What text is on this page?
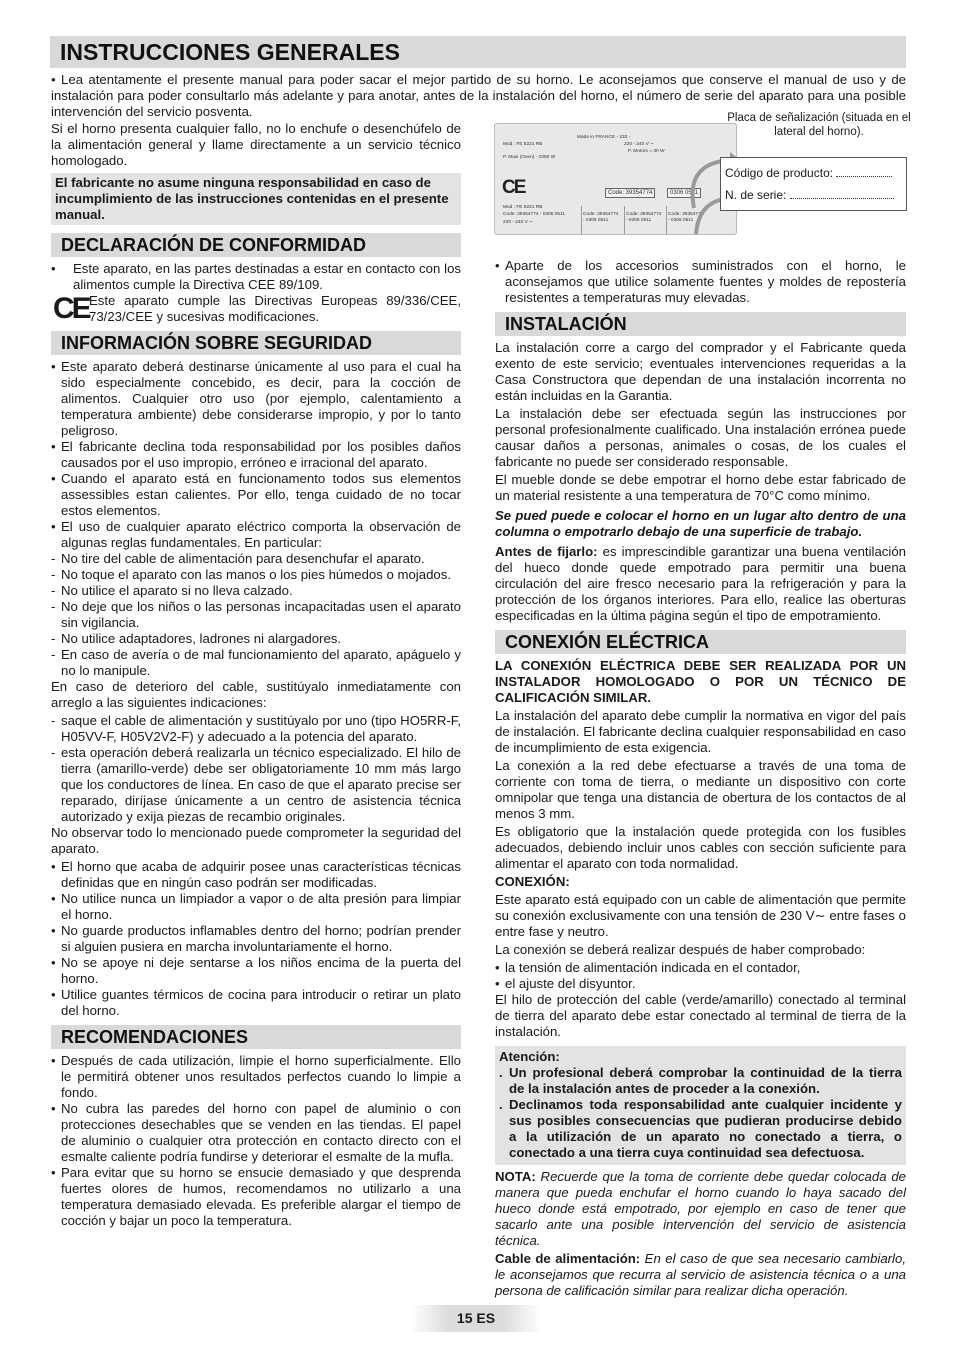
INSTRUCCIONES GENERALES
• Lea atentamente el presente manual para poder sacar el mejor partido de su horno. Le aconsejamos que conserve el manual de uso y de instalación para poder consultarlo más adelante y para anotar, antes de la instalación del horno, el número de serie del aparato para una posible intervención del servicio posventa.

Si el horno presenta cualquier fallo, no lo enchufe o desenchúfelo de la alimentación general y llame directamente a un servicio técnico homologado.

El fabricante no asume ninguna responsabilidad en caso de incumplimiento de las instrucciones contenidas en el presente manual.
Made in FRANCE - 232 -
Mod : FE 6221 RB	220 - 240 V ∼
P. Motors = 30 W
P. Maxi (Oven) - 2350 W
CE	Code: 39354774	0306 0511
Mod : FE 6221 RB
Code: 39354774 - 0306 0511
220 - 240 V ∼
Code: 39354774
- 0306 0511
Code: 39354774
- 0306 0511
Code: 39354774
- 0306 0511
Placa de señalización (situada en el lateral del horno).
Código de producto:
N. de serie:
DECLARACIÓN DE CONFORMIDAD
• Este aparato, en las partes destinadas a estar en contacto con los alimentos cumple la Directiva CEE 89/109.
CE Este aparato cumple las Directivas Europeas 89/336/CEE, 73/23/CEE y sucesivas modificaciones.
INFORMACIÓN SOBRE SEGURIDAD
• Este aparato deberá destinarse únicamente al uso para el cual ha sido especialmente concebido, es decir, para la cocción de alimentos. Cualquier otro uso (por ejemplo, calentamiento a temperatura ambiente) debe considerarse impropio, y por lo tanto peligroso.
• El fabricante declina toda responsabilidad por los posibles daños causados por el uso impropio, erróneo e irracional del aparato.
• Cuando el aparato está en funcionamento todos sus elementos assessibles estan calientes. Por ello, tenga cuidado de no tocar estos elementos.
• El uso de cualquier aparato eléctrico comporta la observación de algunas reglas fundamentales. En particular:
- No tire del cable de alimentación para desenchufar el aparato.
- No toque el aparato con las manos o los pies húmedos o mojados.
- No utilice el aparato si no lleva calzado.
- No deje que los niños o las personas incapacitadas usen el aparato sin vigilancia.
- No utilice adaptadores, ladrones ni alargadores.
- En caso de avería o de mal funcionamiento del aparato, apáguelo y no lo manipule.

En caso de deterioro del cable, sustitúyalo inmediatamente con arreglo a las siguientes indicaciones:

- saque el cable de alimentación y sustitúyalo por uno (tipo HO5RR-F, H05VV-F, H05V2V2-F) y adecuado a la potencia del aparato.
- esta operación deberá realizarla un técnico especializado. El hilo de tierra (amarillo-verde) debe ser obligatoriamente 10 mm más largo que los conductores de línea. En caso de que el aparato precise ser reparado, diríjase únicamente a un centro de asistencia técnica autorizado y exija piezas de recambio originales.

No observar todo lo mencionado puede comprometer la seguridad del aparato.

• El horno que acaba de adquirir posee unas características técnicas definidas que en ningún caso podrán ser modificadas.
• No utilice nunca un limpiador a vapor o de alta presión para limpiar el horno.
• No guarde productos inflamables dentro del horno; podrían prender si alguien pusiera en marcha involuntariamente el horno.
• No se apoye ni deje sentarse a los niños encima de la puerta del horno.
• Utilice guantes térmicos de cocina para introducir o retirar un plato del horno.
RECOMENDACIONES
• Después de cada utilización, limpie el horno superficialmente. Ello le permitirá obtener unos resultados perfectos cuando lo limpie a fondo.
• No cubra las paredes del horno con papel de aluminio o con protecciones desechables que se venden en las tiendas. El papel de aluminio o cualquier otra protección en contacto directo con el esmalte caliente podría fundirse y deteriorar el esmalte de la mufla.
• Para evitar que su horno se ensucie demasiado y que desprenda fuertes olores de humos, recomendamos no utilizarlo a una temperatura demasiado elevada. Es preferible alargar el tiempo de cocción y bajar un poco la temperatura.
• Aparte de los accesorios suministrados con el horno, le aconsejamos que utilice solamente fuentes y moldes de repostería resistentes a temperaturas muy elevadas.
INSTALACIÓN

La instalación corre a cargo del comprador y el Fabricante queda exento de este servicio; eventuales intervenciones requeridas a la Casa Constructora que dependan de una instalación incorrenta no están incluidas en la Garantia.

La instalación debe ser efectuada según las instrucciones por personal profesionalmente cualificado. Una instalación errónea puede causar daños a personas, animales o cosas, de los cuales el fabricante no puede ser considerado responsable.

El mueble donde se debe empotrar el horno debe estar fabricado de un material resistente a una temperatura de 70°C como mínimo.

Se pued puede e colocar el horno en un lugar alto dentro de una columna o empotrarlo debajo de una superficie de trabajo.

Antes de fijarlo: es imprescindible garantizar una buena ventilación del hueco donde quede empotrado para permitir una buena circulación del aire fresco necesario para la refrigeración y para la protección de los órganos interiores. Para ello, realice las oberturas especificadas en la última página según el tipo de empotramiento.

CONEXIÓN ELÉCTRICA

LA CONEXIÓN ELÉCTRICA DEBE SER REALIZADA POR UN INSTALADOR HOMOLOGADO O POR UN TÉCNICO DE CALIFICACIÓN SIMILAR.

La instalación del aparato debe cumplir la normativa en vigor del país de instalación. El fabricante declina cualquier responsabilidad en caso de incumplimiento de esta exigencia.

La conexión a la red debe efectuarse a través de una toma de corriente con toma de tierra, o mediante un dispositivo con corte omnipolar que tenga una distancia de obertura de los contactos de al menos 3 mm.

Es obligatorio que la instalación quede protegida con los fusibles adecuados, debiendo incluir unos cables con sección suficiente para alimentar el aparato con toda normalidad.

CONEXIÓN:

Este aparato está equipado con un cable de alimentación que permite su conexión exclusivamente con una tensión de 230 V∼ entre fases o entre fase y neutro.

La conexión se deberá realizar después de haber comprobado:

• la tensión de alimentación indicada en el contador,
• el ajuste del disyuntor.

El hilo de protección del cable (verde/amarillo) conectado al terminal de tierra del aparato debe estar conectado al terminal de tierra de la instalación.

Atención:
. Un profesional deberá comprobar la continuidad de la tierra de la instalación antes de proceder a la conexión.
. Declinamos toda responsabilidad ante cualquier incidente y sus posibles consecuencias que pudieran producirse debido a la utilización de un aparato no conectado a tierra, o conectado a una tierra cuya continuidad sea defectuosa.

NOTA: Recuerde que la toma de corriente debe quedar colocada de manera que pueda enchufar el horno cuando lo haya sacado del hueco donde está empotrado, por ejemplo en caso de tener que sacarlo ante una posible intervención del servicio de asistencia técnica.

Cable de alimentación: En el caso de que sea necesario cambiarlo, le aconsejamos que recurra al servicio de asistencia técnica o a una persona de calificación similar para realizar dicha operación.

15 ES
